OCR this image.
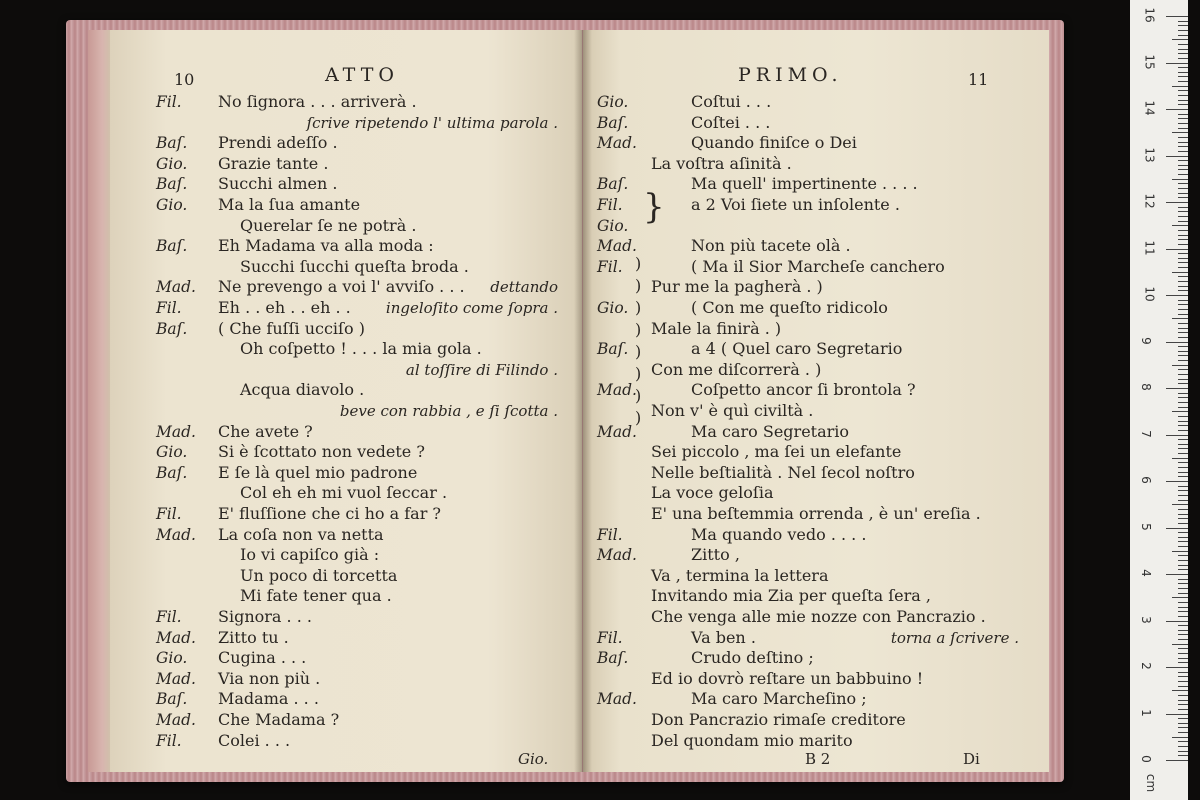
10	ATTO
Fil. No ſignora . . . arriverà .
ſcrive ripetendo l' ultima parola .
Baſ. Prendi adeſſo .
Gio. Grazie tante .
Baſ. Succhi almen .
Gio. Ma la ſua amante
Querelar ſe ne potrà .
Baſ. Eh Madama va alla moda :
Succhi ſucchi queſta broda .
Mad. Ne prevengo a voi l' avviſo . . . dettando
Fil. Eh . . eh . . eh . . ingeloſito come ſopra .
Baſ. ( Che fuſſi ucciſo )
Oh coſpetto ! . . . la mia gola .
al toſſire di Filindo .
Acqua diavolo .
beve con rabbia , e ſi ſcotta .
Mad. Che avete ?
Gio. Si è ſcottato non vedete ?
Baſ. E ſe là quel mio padrone
Col eh eh mi vuol ſeccar .
Fil. E' fluſſione che ci ho a far ?
Mad. La coſa non va netta
Io vi capiſco già :
Un poco di torcetta
Mi fate tener qua .
Fil. Signora . . .
Mad. Zitto tu .
Gio. Cugina . . .
Mad. Via non più .
Baſ. Madama . . .
Mad. Che Madama ?
Fil. Colei . . .
Gio.
PRIMO.	11
Gio.	Coſtui . . .
Baſ.	Coſtei . . .
Mad.	Quando finiſce o Dei
La voſtra aſinità .
Baſ.	Ma quell' impertinente . . . .
Fil.	a 2 Voi ſiete un inſolente .
Gio.
Mad.	Non più tacete olà .
Fil.	( Ma il Sior Marcheſe canchero
Pur me la pagherà . )
Gio.	( Con me queſto ridicolo
Male la finirà . )
Baſ.	a 4 ( Quel caro Segretario
Con me diſcorrerà . )
Mad.	Coſpetto ancor ſi brontola ?
Non v' è quì civiltà .
Mad.	Ma caro Segretario
Sei piccolo , ma ſei un elefante
Nelle beſtialità . Nel ſecol noſtro
La voce geloſia
E' una beſtemmia orrenda , è un' ereſia .
Fil.	Ma quando vedo . . . .
Mad.	Zitto ,
Va , termina la lettera
Invitando mia Zia per queſta ſera ,
Che venga alle mie nozze con Pancrazio .
Fil.	Va ben .	torna a ſcrivere .
Baſ.	Crudo deſtino ;
Ed io dovrò reſtare un babbuino !
Mad.	Ma caro Marcheſino ;
Don Pancrazio rimaſe creditore
Del quondam mio marito
}
)
)
)
)
)
)
)
)
B 2	Di	0
1
2
3
4
5
6
7
8
9
10
11
12
13
14
15
16
cm
